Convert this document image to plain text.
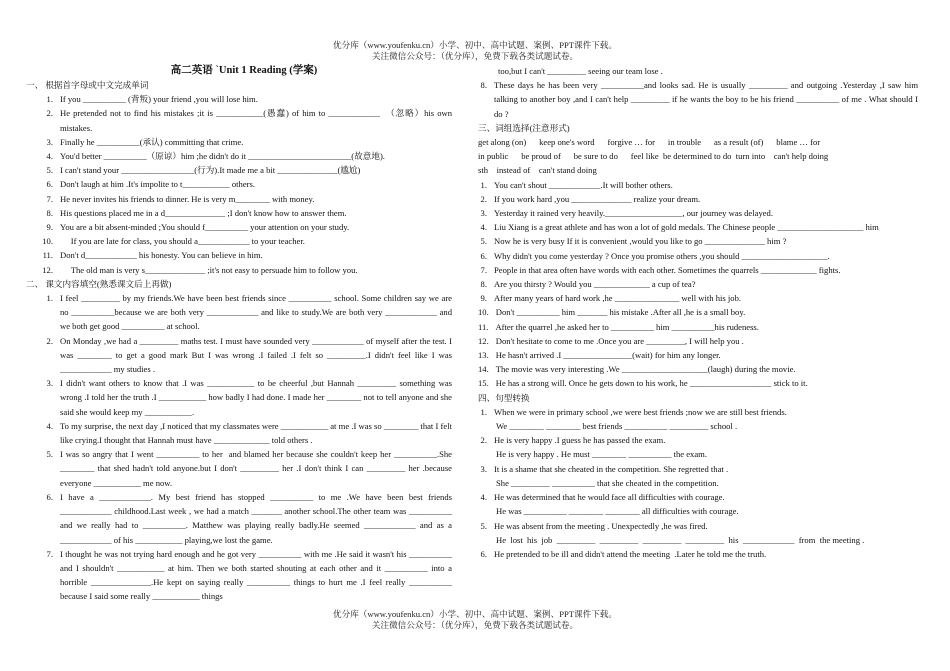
优分库（www.youfenku.cn）小学、初中、高中试题、案例、PPT课件下载。
关注微信公众号：（优分库），免费下载各类试题试卷。
高二英语 `Unit 1 Reading (学案)
一、 根据首字母或中文完成单词
1. If you __________ (背叛) your friend ,you will lose him.
2. He pretended not to find his mistakes ;it is ___________(愚蠢) of him to ____________  （忽略）his own mistakes.
3. Finally he __________(承认) committing that crime.
4. You'd better __________（原谅）him ;he didn't do it ________________________(故意地).
5. I can't stand your _________________(行为).It made me a bit ______________(尴尬)
6. Don't laugh at him .It's impolite to t___________ others.
7. He never invites his friends to dinner. He is very m________ with money.
8. His questions placed me in a d______________ ;I don't know how to answer them.
9. You are a bit absent-minded ;You should f__________ your attention on your study.
10. If you are late for class, you should a____________ to your teacher.
11. Don't d____________ his honesty. You can believe in him.
12. The old man is very s______________ ;it's not easy to persuade him to follow you.
二、 课文内容填空(熟悉课文后上再做)
1. I feel _________ by my friends.We have been best friends since __________ school. Some children say we are no __________because we are both very ____________ and like to study.We are both very ____________ and we both get good __________ at school.
2. On Monday ,we had a _________ maths test. I must have sounded very ____________ of myself after the test. I was ________ to get a good mark But I was wrong .I failed .I felt so _________.I didn't feel like I was ____________ my studies .
3. I didn't want others to know that .I was ___________ to be cheerful ,but Hannah _________ something was wrong .I told her the truth .I ___________ how badly I had done. I made her ________ not to tell anyone and she said she would keep my ___________.
4. To my surprise, the next day ,I noticed that my classmates were ___________ at me .I was so ________ that I felt like crying.I thought that Hannah must have _____________ told others .
5. I was so angry that I went __________ to her  and blamed her because she couldn't keep her __________.She ________ that shed hadn't told anyone.but I don't _________ her .I don't think I can _________ her .because everyone ___________ me now.
6. I have a ____________. My best friend has stopped __________ to me .We have been best friends ____________ childhood.Last week , we had a match _______ another school.The other team was __________ and we really had to __________. Matthew was playing really badly.He seemed ____________ and as a ____________ of his ___________ playing,we lost the game.
7. I thought he was not trying hard enough and he got very __________ with me .He said it wasn't his __________ and I shouldn't ___________ at him. Then we both started shouting at each other and it __________ into a horrible ______________.He kept on saying really __________ things to hurt me .I feel really __________ because I said some really ___________ things
too,but I can't _________ seeing our team lose .
8. These days he has been very __________and looks sad. He is usually _________ and outgoing .Yesterday ,I saw him talking to another boy ,and I can't help _________ if he wants the boy to be his friend __________ of me . What should I do ?
三、词组选择(注意形式)
get along (on)      keep one's word      forgive … for      in trouble      as a result (of)      blame … for
in public      be proud of      be sure to do      feel like  be determined to do  turn into    can't help doing
sth    instead of    can't stand doing
1. You can't shout ____________.It will bother others.
2. If you work hard ,you ______________ realize your dream.
3. Yesterday it rained very heavily.__________________, our journey was delayed.
4. Liu Xiang is a great athlete and has won a lot of gold medals. The Chinese people ____________________ him
5. Now he is very busy If it is convenient ,would you like to go ______________ him ?
6. Why didn't you come yesterday ? Once you promise others ,you should ____________________.
7. People in that area often have words with each other. Sometimes the quarrels _____________ fights.
8. Are you thirsty ? Would you _____________ a cup of tea?
9. After many years of hard work ,he _______________ well with his job.
10. Don't __________ him _______ his mistake .After all ,he is a small boy.
11. After the quarrel ,he asked her to __________ him __________his rudeness.
12. Don't hesitate to come to me .Once you are _________, I will help you .
13. He hasn't arrived .I ________________(wait) for him any longer.
14. The movie was very interesting .We ____________________(laugh) during the movie.
15. He has a strong will. Once he gets down to his work, he ___________________ stick to it.
四、句型转换
1. When we were in primary school ,we were best friends ;now we are still best friends.
We ________ ________ best friends __________ _________ school .
2. He is very happy .I guess he has passed the exam.
He is very happy . He must ________ __________ the exam.
3. It is a shame that she cheated in the competition. She regretted that .
She _________ __________ that she cheated in the competition.
4. He was determined that he would face all difficulties with courage.
He was __________ ________ ________ all difficulties with courage.
5. He was absent from the meeting . Unexpectedly ,he was fired.
He  lost  his  job  _________  _________  _________  _________  his  ____________  from  the meeting .
6. He pretended to be ill and didn't attend the meeting  .Later he told me the truth.
优分库（www.youfenku.cn）小学、初中、高中试题、案例、PPT课件下载。
关注微信公众号：（优分库），免费下载各类试题试卷。
